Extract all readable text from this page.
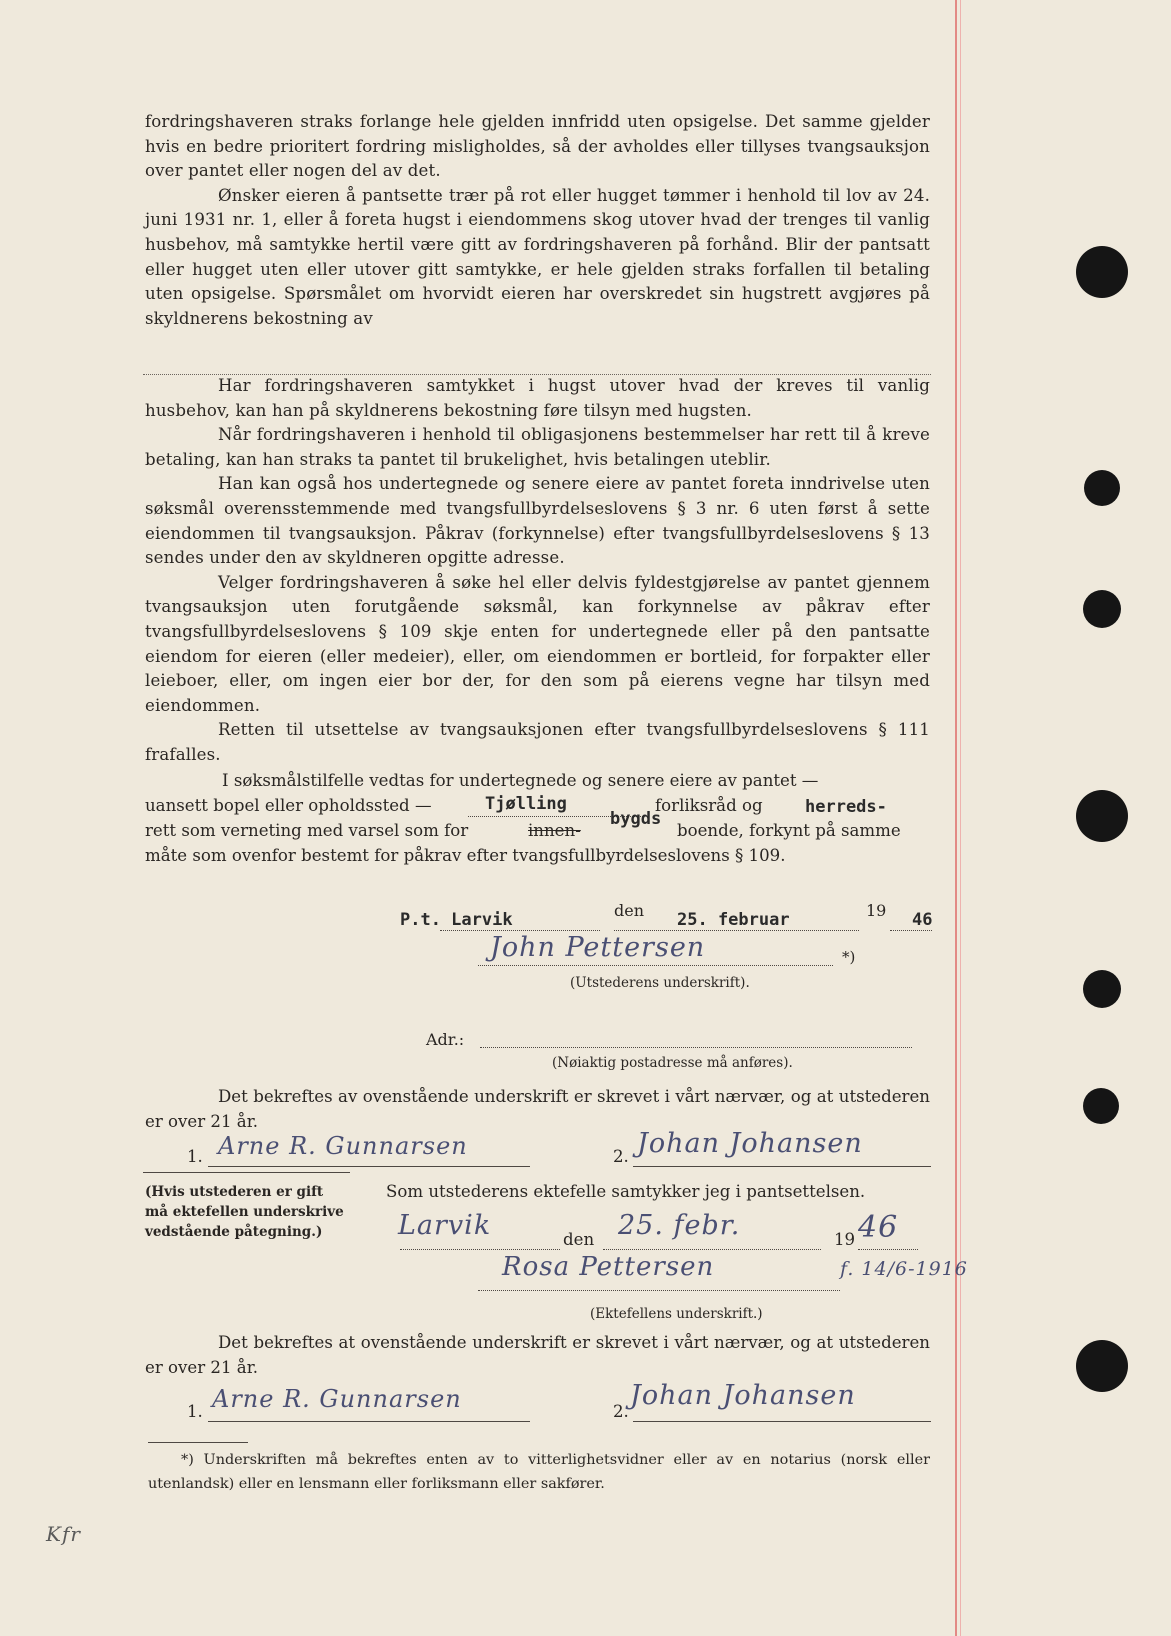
fordringshaveren straks forlange hele gjelden innfridd uten opsigelse. Det samme gjelder hvis en bedre prioritert fordring misligholdes, så der avholdes eller tillyses tvangsauksjon over pantet eller nogen del av det.

Ønsker eieren å pantsette trær på rot eller hugget tømmer i henhold til lov av 24. juni 1931 nr. 1, eller å foreta hugst i eiendommens skog utover hvad der trenges til vanlig husbehov, må samtykke hertil være gitt av fordringshaveren på forhånd. Blir der pantsatt eller hugget uten eller utover gitt samtykke, er hele gjelden straks forfallen til betaling uten opsigelse. Spørsmålet om hvorvidt eieren har overskredet sin hugstrett avgjøres på skyldnerens bekostning av

Har fordringshaveren samtykket i hugst utover hvad der kreves til vanlig husbehov, kan han på skyldnerens bekostning føre tilsyn med hugsten.

Når fordringshaveren i henhold til obligasjonens bestemmelser har rett til å kreve betaling, kan han straks ta pantet til brukelighet, hvis betalingen uteblir.

Han kan også hos undertegnede og senere eiere av pantet foreta inndrivelse uten søksmål overensstemmende med tvangsfullbyrdelseslovens § 3 nr. 6 uten først å sette eiendommen til tvangsauksjon. Påkrav (forkynnelse) efter tvangsfullbyrdelseslovens § 13 sendes under den av skyldneren opgitte adresse.

Velger fordringshaveren å søke hel eller delvis fyldestgjørelse av pantet gjennem tvangsauksjon uten forutgående søksmål, kan forkynnelse av påkrav efter tvangsfullbyrdelseslovens § 109 skje enten for undertegnede eller på den pantsatte eiendom for eieren (eller medeier), eller, om eiendommen er bortleid, for forpakter eller leieboer, eller, om ingen eier bor der, for den som på eierens vegne har tilsyn med eiendommen.

Retten til utsettelse av tvangsauksjonen efter tvangsfullbyrdelseslovens § 111 frafalles.

I søksmålstilfelle vedtas for undertegnede og senere eiere av pantet —
uansett bopel eller opholdssted —	Tjølling	forliksråd og herreds-
rett som verneting med varsel som for	innen-
bygds
boende, forkynt på samme
måte som ovenfor bestemt for påkrav efter tvangsfullbyrdelseslovens § 109.
P.t. Larvik	den 25. februar	19 46
John Pettersen	*)
(Utstederens underskrift).
Adr.:
(Nøiaktig postadresse må anføres).
Det bekreftes av ovenstående underskrift er skrevet i vårt nærvær, og at utstederen er over 21 år.
1. Arne R. Gunnarsen	2. Johan Johansen
(Hvis utstederen er gift må ektefellen underskrive vedstående påtegning.)
Som utstederens ektefelle samtykker jeg i pantsettelsen.
Larvik	den 25. febr.	19 46
Rosa Pettersen	f. 14/6-1916
(Ektefellens underskrift.)
Det bekreftes at ovenstående underskrift er skrevet i vårt nærvær, og at utstederen er over 21 år.
1. Arne R. Gunnarsen	2.
Johan Johansen
*) Underskriften må bekreftes enten av to vitterlighetsvidner eller av en notarius (norsk eller utenlandsk) eller en lensmann eller forliksmann eller sakfører.
Kfr
